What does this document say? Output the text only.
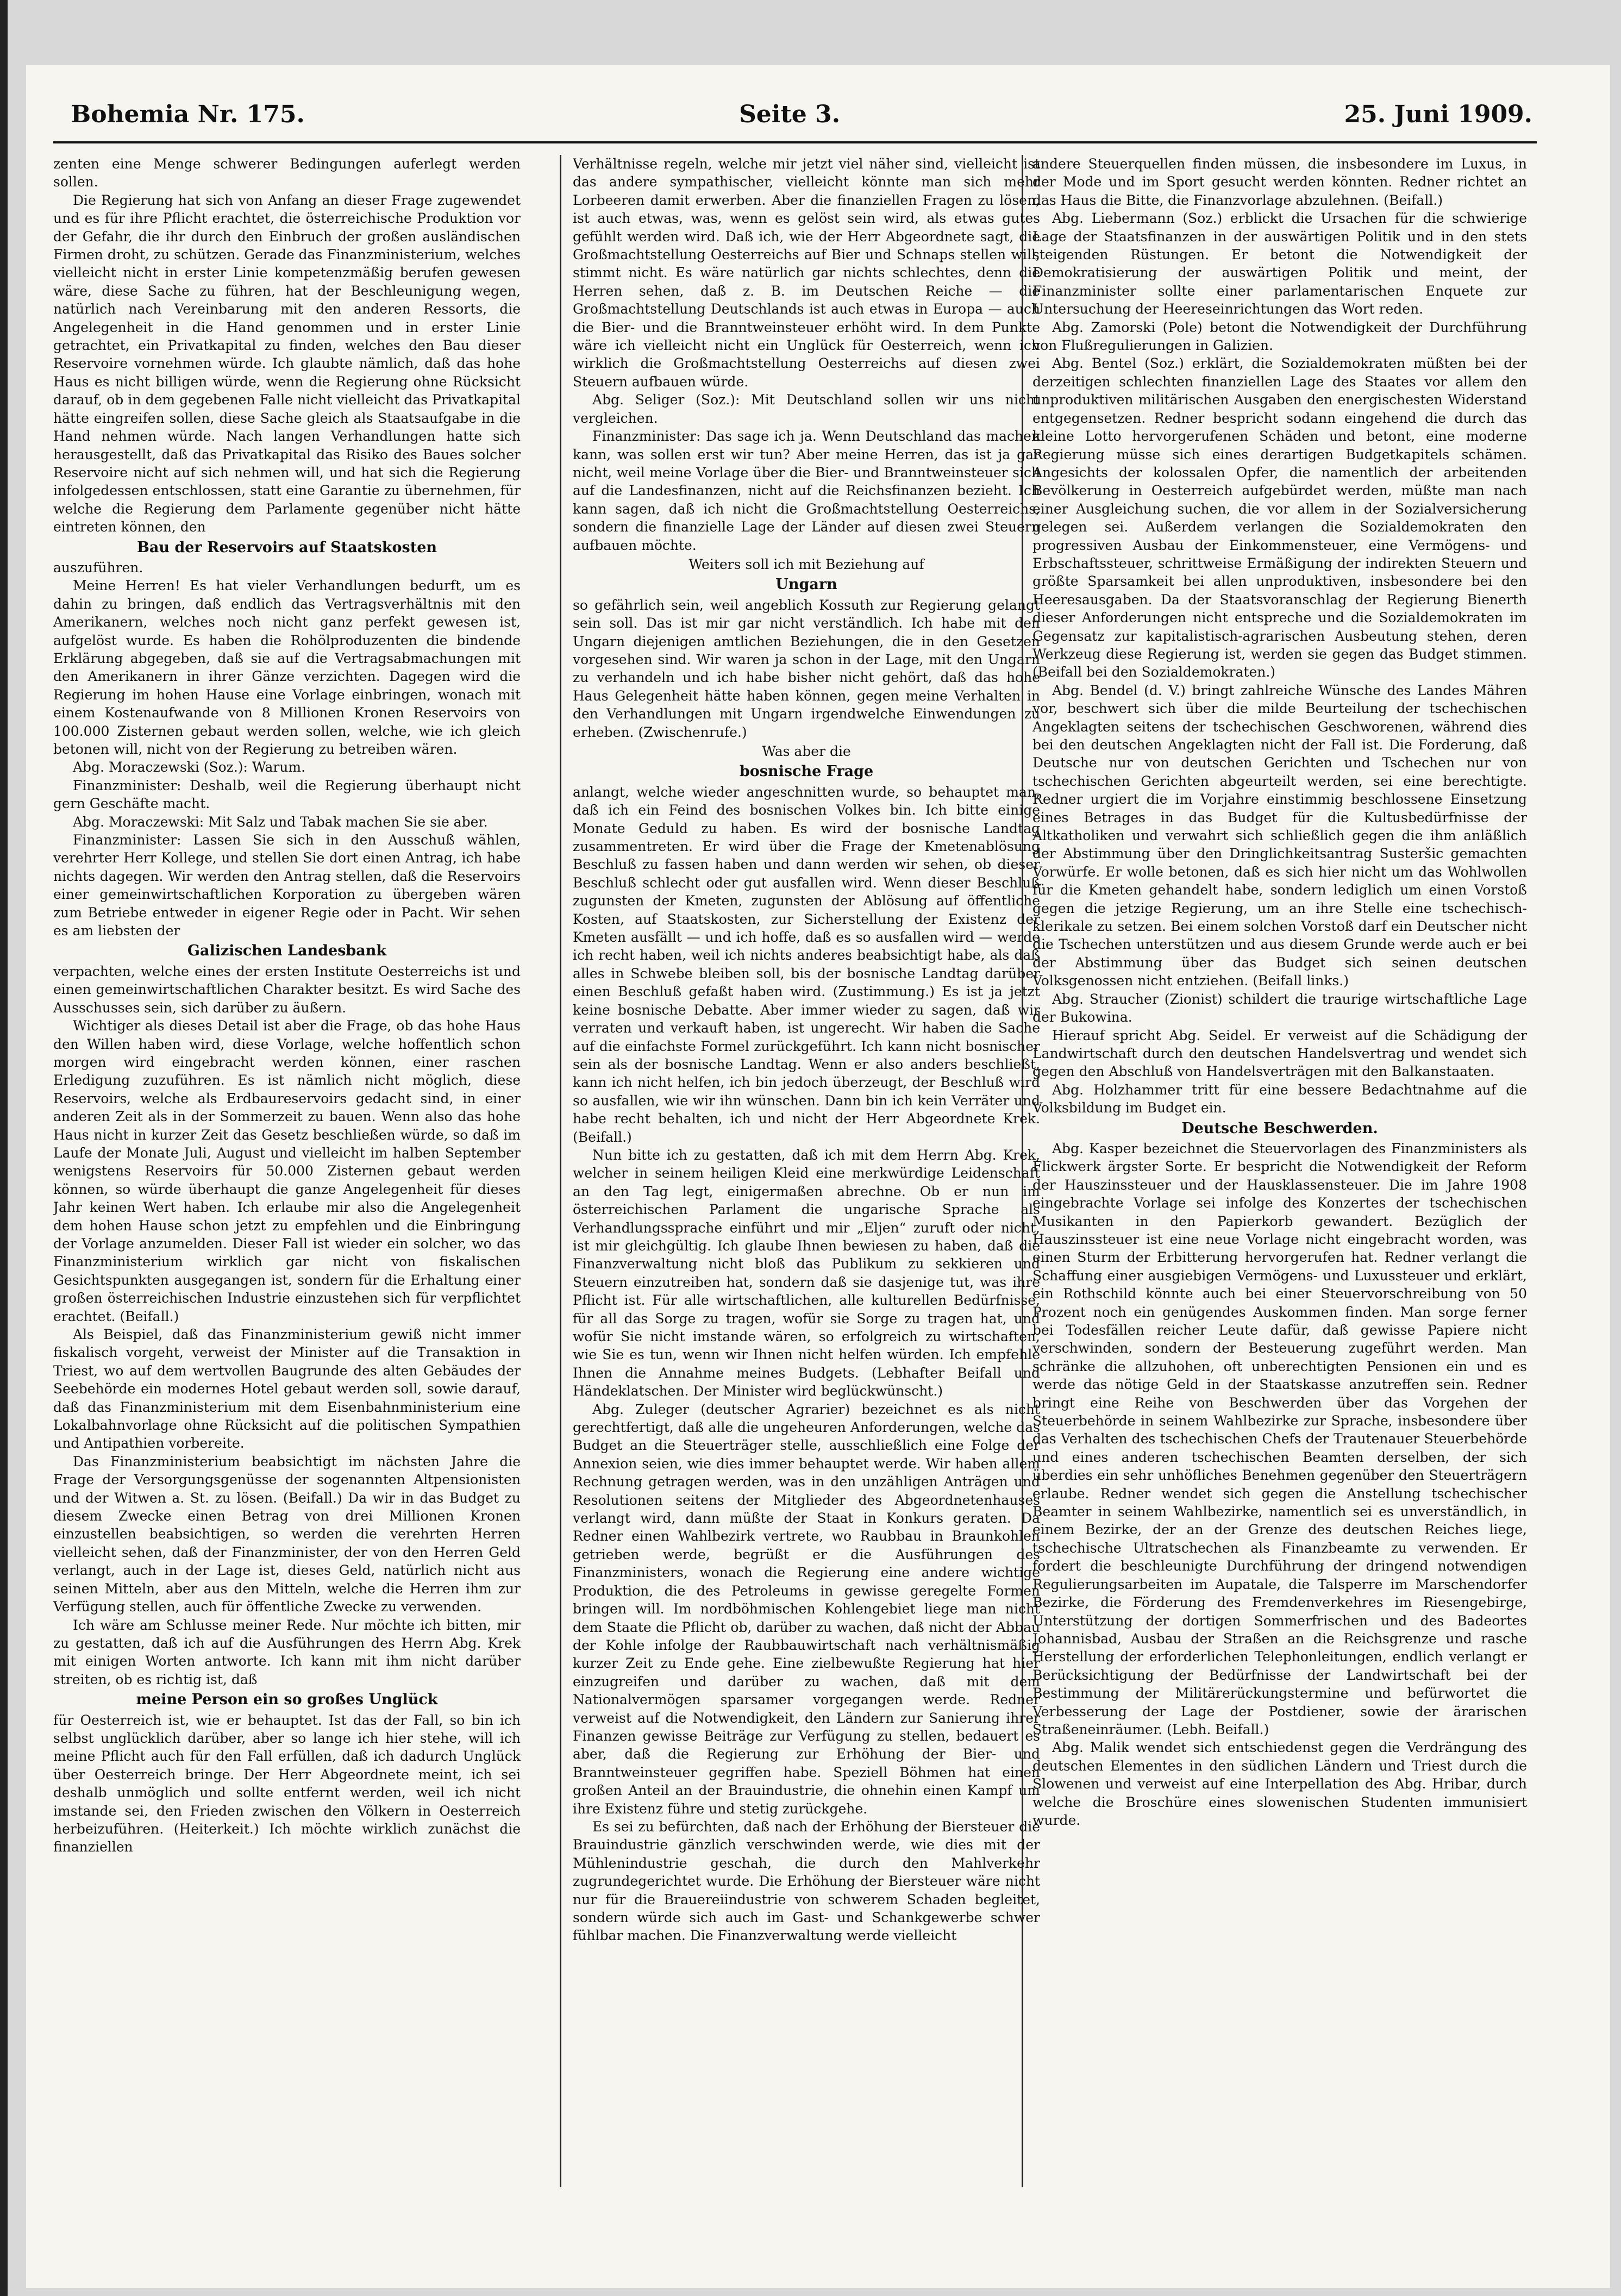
Bohemia Nr. 175.	Seite 3.	25. Juni 1909.

zenten eine Menge schwerer Bedingungen auferlegt werden sollen.

Die Regierung hat sich von Anfang an dieser Frage zugewendet und es für ihre Pflicht erachtet, die österreichische Produktion vor der Gefahr, die ihr durch den Einbruch der großen ausländischen Firmen droht, zu schützen. Gerade das Finanzministerium, welches vielleicht nicht in erster Linie kompetenzmäßig berufen gewesen wäre, diese Sache zu führen, hat der Beschleunigung wegen, natürlich nach Vereinbarung mit den anderen Ressorts, die Angelegenheit in die Hand genommen und in erster Linie getrachtet, ein Privatkapital zu finden, welches den Bau dieser Reservoire vornehmen würde. Ich glaubte nämlich, daß das hohe Haus es nicht billigen würde, wenn die Regierung ohne Rücksicht darauf, ob in dem gegebenen Falle nicht vielleicht das Privatkapital hätte eingreifen sollen, diese Sache gleich als Staatsaufgabe in die Hand nehmen würde. Nach langen Verhandlungen hatte sich herausgestellt, daß das Privatkapital das Risiko des Baues solcher Reservoire nicht auf sich nehmen will, und hat sich die Regierung infolgedessen entschlossen, statt eine Garantie zu übernehmen, für welche die Regierung dem Parlamente gegenüber nicht hätte eintreten können, den

Bau der Reservoirs auf Staatskosten

auszuführen.

Meine Herren! Es hat vieler Verhandlungen bedurft, um es dahin zu bringen, daß endlich das Vertragsverhältnis mit den Amerikanern, welches noch nicht ganz perfekt gewesen ist, aufgelöst wurde. Es haben die Rohölproduzenten die bindende Erklärung abgegeben, daß sie auf die Vertragsabmachungen mit den Amerikanern in ihrer Gänze verzichten. Dagegen wird die Regierung im hohen Hause eine Vorlage einbringen, wonach mit einem Kostenaufwande von 8 Millionen Kronen Reservoirs von 100.000 Zisternen gebaut werden sollen, welche, wie ich gleich betonen will, nicht von der Regierung zu betreiben wären.

Abg. Moraczewski (Soz.): Warum.

Finanzminister: Deshalb, weil die Regierung überhaupt nicht gern Geschäfte macht.

Abg. Moraczewski: Mit Salz und Tabak machen Sie sie aber.

Finanzminister: Lassen Sie sich in den Ausschuß wählen, verehrter Herr Kollege, und stellen Sie dort einen Antrag, ich habe nichts dagegen. Wir werden den Antrag stellen, daß die Reservoirs einer gemeinwirtschaftlichen Korporation zu übergeben wären zum Betriebe entweder in eigener Regie oder in Pacht. Wir sehen es am liebsten der

Galizischen Landesbank

verpachten, welche eines der ersten Institute Oesterreichs ist und einen gemeinwirtschaftlichen Charakter besitzt. Es wird Sache des Ausschusses sein, sich darüber zu äußern.

Wichtiger als dieses Detail ist aber die Frage, ob das hohe Haus den Willen haben wird, diese Vorlage, welche hoffentlich schon morgen wird eingebracht werden können, einer raschen Erledigung zuzuführen. Es ist nämlich nicht möglich, diese Reservoirs, welche als Erdbaureservoirs gedacht sind, in einer anderen Zeit als in der Sommerzeit zu bauen. Wenn also das hohe Haus nicht in kurzer Zeit das Gesetz beschließen würde, so daß im Laufe der Monate Juli, August und vielleicht im halben September wenigstens Reservoirs für 50.000 Zisternen gebaut werden können, so würde überhaupt die ganze Angelegenheit für dieses Jahr keinen Wert haben. Ich erlaube mir also die Angelegenheit dem hohen Hause schon jetzt zu empfehlen und die Einbringung der Vorlage anzumelden. Dieser Fall ist wieder ein solcher, wo das Finanzministerium wirklich gar nicht von fiskalischen Gesichtspunkten ausgegangen ist, sondern für die Erhaltung einer großen österreichischen Industrie einzustehen sich für verpflichtet erachtet. (Beifall.)

Als Beispiel, daß das Finanzministerium gewiß nicht immer fiskalisch vorgeht, verweist der Minister auf die Transaktion in Triest, wo auf dem wertvollen Baugrunde des alten Gebäudes der Seebehörde ein modernes Hotel gebaut werden soll, sowie darauf, daß das Finanzministerium mit dem Eisenbahnministerium eine Lokalbahnvorlage ohne Rücksicht auf die politischen Sympathien und Antipathien vorbereite.

Das Finanzministerium beabsichtigt im nächsten Jahre die Frage der Versorgungsgenüsse der sogenannten Altpensionisten und der Witwen a. St. zu lösen. (Beifall.) Da wir in das Budget zu diesem Zwecke einen Betrag von drei Millionen Kronen einzustellen beabsichtigen, so werden die verehrten Herren vielleicht sehen, daß der Finanzminister, der von den Herren Geld verlangt, auch in der Lage ist, dieses Geld, natürlich nicht aus seinen Mitteln, aber aus den Mitteln, welche die Herren ihm zur Verfügung stellen, auch für öffentliche Zwecke zu verwenden.

Ich wäre am Schlusse meiner Rede. Nur möchte ich bitten, mir zu gestatten, daß ich auf die Ausführungen des Herrn Abg. Krek mit einigen Worten antworte. Ich kann mit ihm nicht darüber streiten, ob es richtig ist, daß

meine Person ein so großes Unglück

für Oesterreich ist, wie er behauptet. Ist das der Fall, so bin ich selbst unglücklich darüber, aber so lange ich hier stehe, will ich meine Pflicht auch für den Fall erfüllen, daß ich dadurch Unglück über Oesterreich bringe. Der Herr Abgeordnete meint, ich sei deshalb unmöglich und sollte entfernt werden, weil ich nicht imstande sei, den Frieden zwischen den Völkern in Oesterreich herbeizuführen. (Heiterkeit.) Ich möchte wirklich zunächst die finanziellen

Verhältnisse regeln, welche mir jetzt viel näher sind, vielleicht ist das andere sympathischer, vielleicht könnte man sich mehr Lorbeeren damit erwerben. Aber die finanziellen Fragen zu lösen, ist auch etwas, was, wenn es gelöst sein wird, als etwas gutes gefühlt werden wird. Daß ich, wie der Herr Abgeordnete sagt, die Großmachtstellung Oesterreichs auf Bier und Schnaps stellen will, stimmt nicht. Es wäre natürlich gar nichts schlechtes, denn die Herren sehen, daß z. B. im Deutschen Reiche — die Großmachtstellung Deutschlands ist auch etwas in Europa — auch die Bier- und die Branntweinsteuer erhöht wird. In dem Punkte wäre ich vielleicht nicht ein Unglück für Oesterreich, wenn ich wirklich die Großmachtstellung Oesterreichs auf diesen zwei Steuern aufbauen würde.

Abg. Seliger (Soz.): Mit Deutschland sollen wir uns nicht vergleichen.

Finanzminister: Das sage ich ja. Wenn Deutschland das machen kann, was sollen erst wir tun? Aber meine Herren, das ist ja gar nicht, weil meine Vorlage über die Bier- und Branntweinsteuer sich auf die Landesfinanzen, nicht auf die Reichsfinanzen bezieht. Ich kann sagen, daß ich nicht die Großmachtstellung Oesterreichs, sondern die finanzielle Lage der Länder auf diesen zwei Steuern aufbauen möchte.

Weiters soll ich mit Beziehung auf

Ungarn

so gefährlich sein, weil angeblich Kossuth zur Regierung gelangt sein soll. Das ist mir gar nicht verständlich. Ich habe mit den Ungarn diejenigen amtlichen Beziehungen, die in den Gesetzen vorgesehen sind. Wir waren ja schon in der Lage, mit den Ungarn zu verhandeln und ich habe bisher nicht gehört, daß das hohe Haus Gelegenheit hätte haben können, gegen meine Verhalten in den Verhandlungen mit Ungarn irgendwelche Einwendungen zu erheben. (Zwischenrufe.)

Was aber die

bosnische Frage

anlangt, welche wieder angeschnitten wurde, so behauptet man, daß ich ein Feind des bosnischen Volkes bin. Ich bitte einige Monate Geduld zu haben. Es wird der bosnische Landtag zusammentreten. Er wird über die Frage der Kmetenablösung Beschluß zu fassen haben und dann werden wir sehen, ob dieser Beschluß schlecht oder gut ausfallen wird. Wenn dieser Beschluß zugunsten der Kmeten, zugunsten der Ablösung auf öffentliche Kosten, auf Staatskosten, zur Sicherstellung der Existenz der Kmeten ausfällt — und ich hoffe, daß es so ausfallen wird — werde ich recht haben, weil ich nichts anderes beabsichtigt habe, als daß alles in Schwebe bleiben soll, bis der bosnische Landtag darüber einen Beschluß gefaßt haben wird. (Zustimmung.) Es ist ja jetzt keine bosnische Debatte. Aber immer wieder zu sagen, daß wir verraten und verkauft haben, ist ungerecht. Wir haben die Sache auf die einfachste Formel zurückgeführt. Ich kann nicht bosnischer sein als der bosnische Landtag. Wenn er also anders beschließt, kann ich nicht helfen, ich bin jedoch überzeugt, der Beschluß wird so ausfallen, wie wir ihn wünschen. Dann bin ich kein Verräter und habe recht behalten, ich und nicht der Herr Abgeordnete Krek. (Beifall.)

Nun bitte ich zu gestatten, daß ich mit dem Herrn Abg. Krek, welcher in seinem heiligen Kleid eine merkwürdige Leidenschaft an den Tag legt, einigermaßen abrechne. Ob er nun im österreichischen Parlament die ungarische Sprache als Verhandlungssprache einführt und mir „Eljen“ zuruft oder nicht, ist mir gleichgültig. Ich glaube Ihnen bewiesen zu haben, daß die Finanzverwaltung nicht bloß das Publikum zu sekkieren und Steuern einzutreiben hat, sondern daß sie dasjenige tut, was ihre Pflicht ist. Für alle wirtschaftlichen, alle kulturellen Bedürfnisse, für all das Sorge zu tragen, wofür sie Sorge zu tragen hat, und wofür Sie nicht imstande wären, so erfolgreich zu wirtschaften, wie Sie es tun, wenn wir Ihnen nicht helfen würden. Ich empfehle Ihnen die Annahme meines Budgets. (Lebhafter Beifall und Händeklatschen. Der Minister wird beglückwünscht.)

Abg. Zuleger (deutscher Agrarier) bezeichnet es als nicht gerechtfertigt, daß alle die ungeheuren Anforderungen, welche das Budget an die Steuerträger stelle, ausschließlich eine Folge der Annexion seien, wie dies immer behauptet werde. Wir haben allem Rechnung getragen werden, was in den unzähligen Anträgen und Resolutionen seitens der Mitglieder des Abgeordnetenhauses verlangt wird, dann müßte der Staat in Konkurs geraten. Da Redner einen Wahlbezirk vertrete, wo Raubbau in Braunkohlen getrieben werde, begrüßt er die Ausführungen des Finanzministers, wonach die Regierung eine andere wichtige Produktion, die des Petroleums in gewisse geregelte Formen bringen will. Im nordböhmischen Kohlengebiet liege man nicht dem Staate die Pflicht ob, darüber zu wachen, daß nicht der Abbau der Kohle infolge der Raubbauwirtschaft nach verhältnismäßig kurzer Zeit zu Ende gehe. Eine zielbewußte Regierung hat hier einzugreifen und darüber zu wachen, daß mit dem Nationalvermögen sparsamer vorgegangen werde. Redner verweist auf die Notwendigkeit, den Ländern zur Sanierung ihrer Finanzen gewisse Beiträge zur Verfügung zu stellen, bedauert es aber, daß die Regierung zur Erhöhung der Bier- und Branntweinsteuer gegriffen habe. Speziell Böhmen hat einen großen Anteil an der Brauindustrie, die ohnehin einen Kampf um ihre Existenz führe und stetig zurückgehe.

Es sei zu befürchten, daß nach der Erhöhung der Biersteuer die Brauindustrie gänzlich verschwinden werde, wie dies mit der Mühlenindustrie geschah, die durch den Mahlverkehr zugrundegerichtet wurde. Die Erhöhung der Biersteuer wäre nicht nur für die Brauereiindustrie von schwerem Schaden begleitet, sondern würde sich auch im Gast- und Schankgewerbe schwer fühlbar machen. Die Finanzverwaltung werde vielleicht

andere Steuerquellen finden müssen, die insbesondere im Luxus, in der Mode und im Sport gesucht werden könnten. Redner richtet an das Haus die Bitte, die Finanzvorlage abzulehnen. (Beifall.)

Abg. Liebermann (Soz.) erblickt die Ursachen für die schwierige Lage der Staatsfinanzen in der auswärtigen Politik und in den stets steigenden Rüstungen. Er betont die Notwendigkeit der Demokratisierung der auswärtigen Politik und meint, der Finanzminister sollte einer parlamentarischen Enquete zur Untersuchung der Heereseinrichtungen das Wort reden.

Abg. Zamorski (Pole) betont die Notwendigkeit der Durchführung von Flußregulierungen in Galizien.

Abg. Bentel (Soz.) erklärt, die Sozialdemokraten müßten bei der derzeitigen schlechten finanziellen Lage des Staates vor allem den unproduktiven militärischen Ausgaben den energischesten Widerstand entgegensetzen. Redner bespricht sodann eingehend die durch das kleine Lotto hervorgerufenen Schäden und betont, eine moderne Regierung müsse sich eines derartigen Budgetkapitels schämen. Angesichts der kolossalen Opfer, die namentlich der arbeitenden Bevölkerung in Oesterreich aufgebürdet werden, müßte man nach einer Ausgleichung suchen, die vor allem in der Sozialversicherung gelegen sei. Außerdem verlangen die Sozialdemokraten den progressiven Ausbau der Einkommensteuer, eine Vermögens- und Erbschaftssteuer, schrittweise Ermäßigung der indirekten Steuern und größte Sparsamkeit bei allen unproduktiven, insbesondere bei den Heeresausgaben. Da der Staatsvoranschlag der Regierung Bienerth dieser Anforderungen nicht entspreche und die Sozialdemokraten im Gegensatz zur kapitalistisch-agrarischen Ausbeutung stehen, deren Werkzeug diese Regierung ist, werden sie gegen das Budget stimmen. (Beifall bei den Sozialdemokraten.)

Abg. Bendel (d. V.) bringt zahlreiche Wünsche des Landes Mähren vor, beschwert sich über die milde Beurteilung der tschechischen Angeklagten seitens der tschechischen Geschworenen, während dies bei den deutschen Angeklagten nicht der Fall ist. Die Forderung, daß Deutsche nur von deutschen Gerichten und Tschechen nur von tschechischen Gerichten abgeurteilt werden, sei eine berechtigte. Redner urgiert die im Vorjahre einstimmig beschlossene Einsetzung eines Betrages in das Budget für die Kultusbedürfnisse der Altkatholiken und verwahrt sich schließlich gegen die ihm anläßlich der Abstimmung über den Dringlichkeitsantrag Susteršic gemachten Vorwürfe. Er wolle betonen, daß es sich hier nicht um das Wohlwollen für die Kmeten gehandelt habe, sondern lediglich um einen Vorstoß gegen die jetzige Regierung, um an ihre Stelle eine tschechisch-klerikale zu setzen. Bei einem solchen Vorstoß darf ein Deutscher nicht die Tschechen unterstützen und aus diesem Grunde werde auch er bei der Abstimmung über das Budget sich seinen deutschen Volksgenossen nicht entziehen. (Beifall links.)

Abg. Straucher (Zionist) schildert die traurige wirtschaftliche Lage der Bukowina.

Hierauf spricht Abg. Seidel. Er verweist auf die Schädigung der Landwirtschaft durch den deutschen Handelsvertrag und wendet sich gegen den Abschluß von Handelsverträgen mit den Balkanstaaten.

Abg. Holzhammer tritt für eine bessere Bedachtnahme auf die Volksbildung im Budget ein.

Deutsche Beschwerden.

Abg. Kasper bezeichnet die Steuervorlagen des Finanzministers als Flickwerk ärgster Sorte. Er bespricht die Notwendigkeit der Reform der Hauszinssteuer und der Hausklassensteuer. Die im Jahre 1908 eingebrachte Vorlage sei infolge des Konzertes der tschechischen Musikanten in den Papierkorb gewandert. Bezüglich der Hauszinssteuer ist eine neue Vorlage nicht eingebracht worden, was einen Sturm der Erbitterung hervorgerufen hat. Redner verlangt die Schaffung einer ausgiebigen Vermögens- und Luxussteuer und erklärt, ein Rothschild könnte auch bei einer Steuervorschreibung von 50 Prozent noch ein genügendes Auskommen finden. Man sorge ferner bei Todesfällen reicher Leute dafür, daß gewisse Papiere nicht verschwinden, sondern der Besteuerung zugeführt werden. Man schränke die allzuhohen, oft unberechtigten Pensionen ein und es werde das nötige Geld in der Staatskasse anzutreffen sein. Redner bringt eine Reihe von Beschwerden über das Vorgehen der Steuerbehörde in seinem Wahlbezirke zur Sprache, insbesondere über das Verhalten des tschechischen Chefs der Trautenauer Steuerbehörde und eines anderen tschechischen Beamten derselben, der sich überdies ein sehr unhöfliches Benehmen gegenüber den Steuerträgern erlaube. Redner wendet sich gegen die Anstellung tschechischer Beamter in seinem Wahlbezirke, namentlich sei es unverständlich, in einem Bezirke, der an der Grenze des deutschen Reiches liege, tschechische Ultratschechen als Finanzbeamte zu verwenden. Er fordert die beschleunigte Durchführung der dringend notwendigen Regulierungsarbeiten im Aupatale, die Talsperre im Marschendorfer Bezirke, die Förderung des Fremdenverkehres im Riesengebirge, Unterstützung der dortigen Sommerfrischen und des Badeortes Johannisbad, Ausbau der Straßen an die Reichsgrenze und rasche Herstellung der erforderlichen Telephonleitungen, endlich verlangt er Berücksichtigung der Bedürfnisse der Landwirtschaft bei der Bestimmung der Militärerückungstermine und befürwortet die Verbesserung der Lage der Postdiener, sowie der ärarischen Straßeneinräumer. (Lebh. Beifall.)

Abg. Malik wendet sich entschiedenst gegen die Verdrängung des deutschen Elementes in den südlichen Ländern und Triest durch die Slowenen und verweist auf eine Interpellation des Abg. Hribar, durch welche die Broschüre eines slowenischen Studenten immunisiert wurde.
